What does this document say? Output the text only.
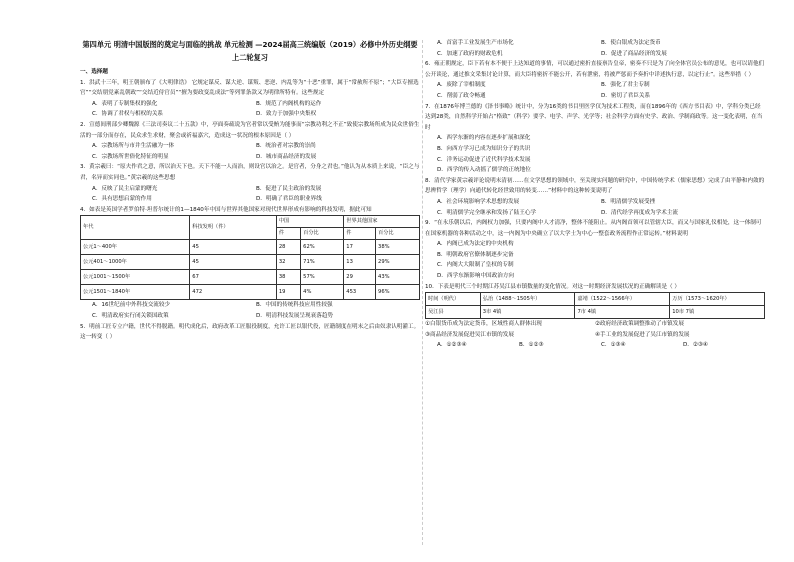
第四单元 明清中国版图的奠定与面临的挑战 单元检测 —2024届高三统编版（2019）必修中外历史纲要上二轮复习
一、选择题
1．洪武十三年，明王朝颁布了《大明律诰》 它规定谋反、谋大逆、谋叛、恶逆、内乱等为“十恶”重罪，属于“常赦所不原”；“大臣专擅选官”“交结朋党紊乱朝政”“交结近侍官员”“擅为要政变乱成法”等列罪条款又为明律所特有。这些规定
A．表明了专制集权的强化	B．规范了内阁机构的运作
C．协调了君权与相权的关系	D．致力于加强中央集权
2．宣德间刑部少卿魏源《三法司奏议二十五款》中，亭面奏疏说为官者常以受贿为能事而“宗教功利之不正”致使宗教场所成为民众世俗生活的一部分而存在，民众求生求财，聚会或祈福嘉穴，造成这一状况的根本原因是（ ）
A．宗教场所与市井生活融为一体	B．统治者对宗教的崇尚
C．宗教场所世俗化特征的明显	D．城市商品经济的发展
3．黄宗羲曰：“原夫作君之意，所以治天下也。天下不能一人而治，则设官以治之。是官者，分身之君也。”他认为从本质上来说，“臣之与君，名异而实同也。”黄宗羲的这些思想
A．反映了民主启蒙的曙光	B．促进了民主政治的发展
C．具有思想启蒙的作用	D．明确了君臣的职业界线
4．如表是英国学者罗伯特·坦普尔统计的1—1840年中国与世界其他国家对现代世界形成有影响的科技发明，据此可知
年代	科技发明（件）	中国		世界其他国家	
		件	百分比	件	百分比
公元1～400年	45	28	62%	17	38%
公元401～1000年	45	32	71%	13	29%
公元1001～1500年	67	38	57%	29	43%
公元1501～1840年	472	19	4%	453	96%
A．16世纪前中外科技交流较少	B．中国的传统科技应用性较强
C．明清政府实行闭关锁国政策	D．明清科技发展呈现衰落趋势
5．明前工匠专立户籍，世代不得脱籍。明代成化后，政府改革工匠服役制度，允许工匠以银代役，匠籍制度在明末之后由奴隶认明灌工。这一转变（ ）
A．首富手工业发展生产市场化	B．使白银成为法定货币
C．加速了政府的财政危机	D．促进了商品经济的发展
6．雍正朝规定，臣下若有本不便于上达知道的事情，可以通过密折直接禀告皇帝，密奏不只是为了向全体官员公布的意见，也可以请他们公开谈论，通过推文采集讨论计算，而大臣将密折不能公开，若有泄密，将被严惩而予奏折中详述执行意，以定行止”。这些举措（ ）
A．废除了宰相制度	B．强化了君主专制
C．削弱了政令畅通	D．密切了君臣关系
7．在1876年博兰德的《泽书事略》统计中，分为16类的书目里医学仅为技术工程类，而在1896年的《西方书目表》中，学科分类已经达到28类，自然科学开始占“格致”（科学）要学、电学、声学、光学等；社会科学方面有史学、政治、学制商政等。这一变化表明，在当时
A．西学东渐的内容在逐步扩展和深化
B．向西方学习已成为知识分子的共识
C．洋务运动促进了近代科学技术发展
D．西学的传入动摇了儒学的正统地位
8．清代学家黄宗羲评论说明末清初……在文学思想的领域中，至关现实问题的研究中，中国传统学术（儒家思想）完成了由平静和内敛的思辨哲学（理学）向通代转化经世致用的转变……”材料中的这种转变说明了
A．社会环境影响学术思想的发展	B．明清儒学发展受挫
C．明清儒学完全继承和发扬了陆王心学	D．清代经学再度成为学术主流
9．“在永乐朝以后，内阁权力加强，只要内阁中人才清净，整体不能阻止。从内阁首领可以管辖大臣，而又与国家礼仪相处，这一体制可在国家机器的各种活动之中，这一内阁为中央确立了以大学士为中心一整套政务流程作正常运转。”材料说明
A．内阁已成为法定的中央机构
B．明朝政府官僚体制逐步完备
C．内阁大大限制了皇权的专制
D．西学东渐影响中国政治方向
10．下表是明代三个时期江苏吴江县市镇数量的变化情况。对这一时期经济发展状况的正确解读是（ ）
时间（明代）	弘治（1488～1505年）	嘉靖（1522～1566年）	万历（1573～1620年）
吴江县	3市 4镇	7市 4镇	10市 7镇
①白银货币成为法定货币，区域性商人群体出现	②政府经济政策调整推动了市镇发展
③商品经济发展促进吴江市镇的发展	④手工业的发展促进了吴江市镇的发展
A．①②③④	B．①②③	C．①③④	D．②③④
